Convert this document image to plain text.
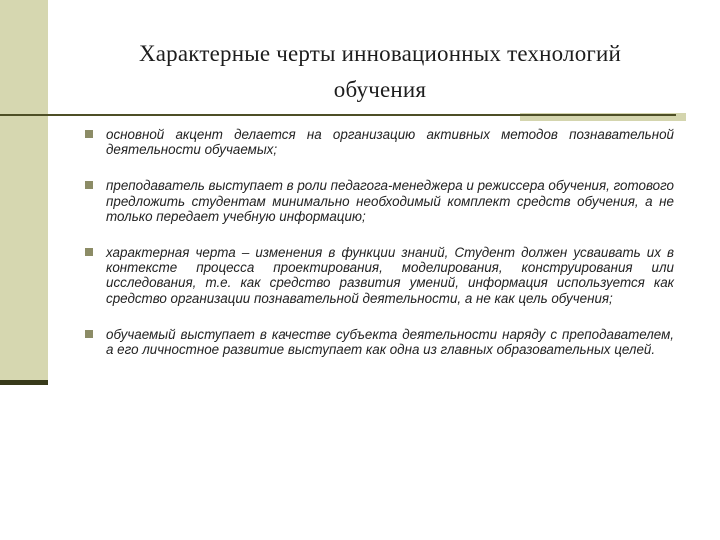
Характерные черты инновационных технологий обучения
основной акцент делается на организацию активных методов познавательной деятельности обучаемых;
преподаватель выступает в роли педагога-менеджера и режиссера обучения, готового предложить студентам минимально необходимый комплект средств обучения, а не только передает учебную информацию;
характерная черта – изменения в функции знаний, Студент должен усваивать их в контексте процесса проектирования, моделирования, конструирования или исследования, т.е. как средство развития умений, информация используется как средство организации познавательной деятельности, а не как цель обучения;
обучаемый выступает в качестве субъекта деятельности наряду с преподавателем, а его личностное развитие выступает как одна из главных образовательных целей.
